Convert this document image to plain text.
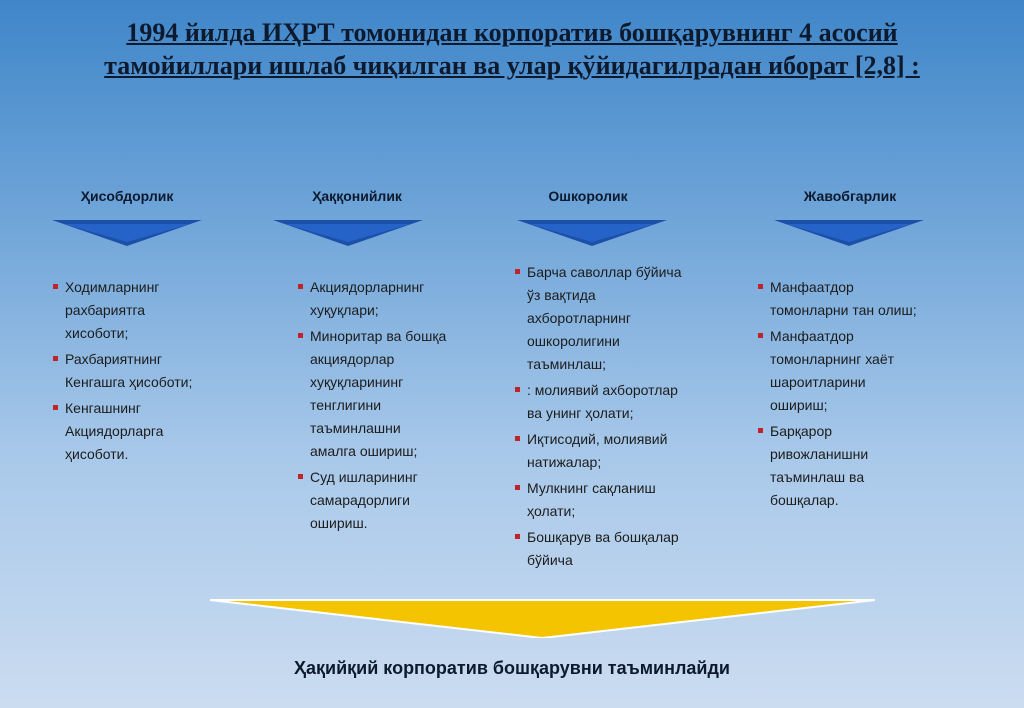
1994 йилда ИҲРТ томонидан корпоратив бошқарувнинг 4 асосий тамойиллари ишлаб чиқилган ва улар қўйидагилрадан иборат [2,8] :
Ҳисобдорлик
Ходимларнинг рахбариятга хисоботи;
Рахбариятнинг Кенгашга ҳисоботи;
Кенгашнинг Акциядорларга ҳисоботи.
Ҳаққонийлик
Акциядорларнинг хуқуқлари;
Миноритар ва бошқа акциядорлар хуқуқларининг тенглигини таъминлашни амалга ошириш;
Суд ишларининг самарадорлиги ошириш.
Ошкоролик
Барча саволлар бўйича ўз вақтида ахборотларнинг ошкоролигини таъминлаш;
: молиявий ахборотлар ва унинг ҳолати;
Иқтисодий, молиявий натижалар;
Мулкнинг сақланиш ҳолати;
Бошқарув ва бошқалар бўйича
Жавобгарлик
Манфаатдор томонларни тан олиш;
Манфаатдор томонларнинг хаёт шароитларини ошириш;
Барқарор ривожланишни таъминлаш ва бошқалар.
Ҳақийқий корпоратив бошқарувни таъминлайди
